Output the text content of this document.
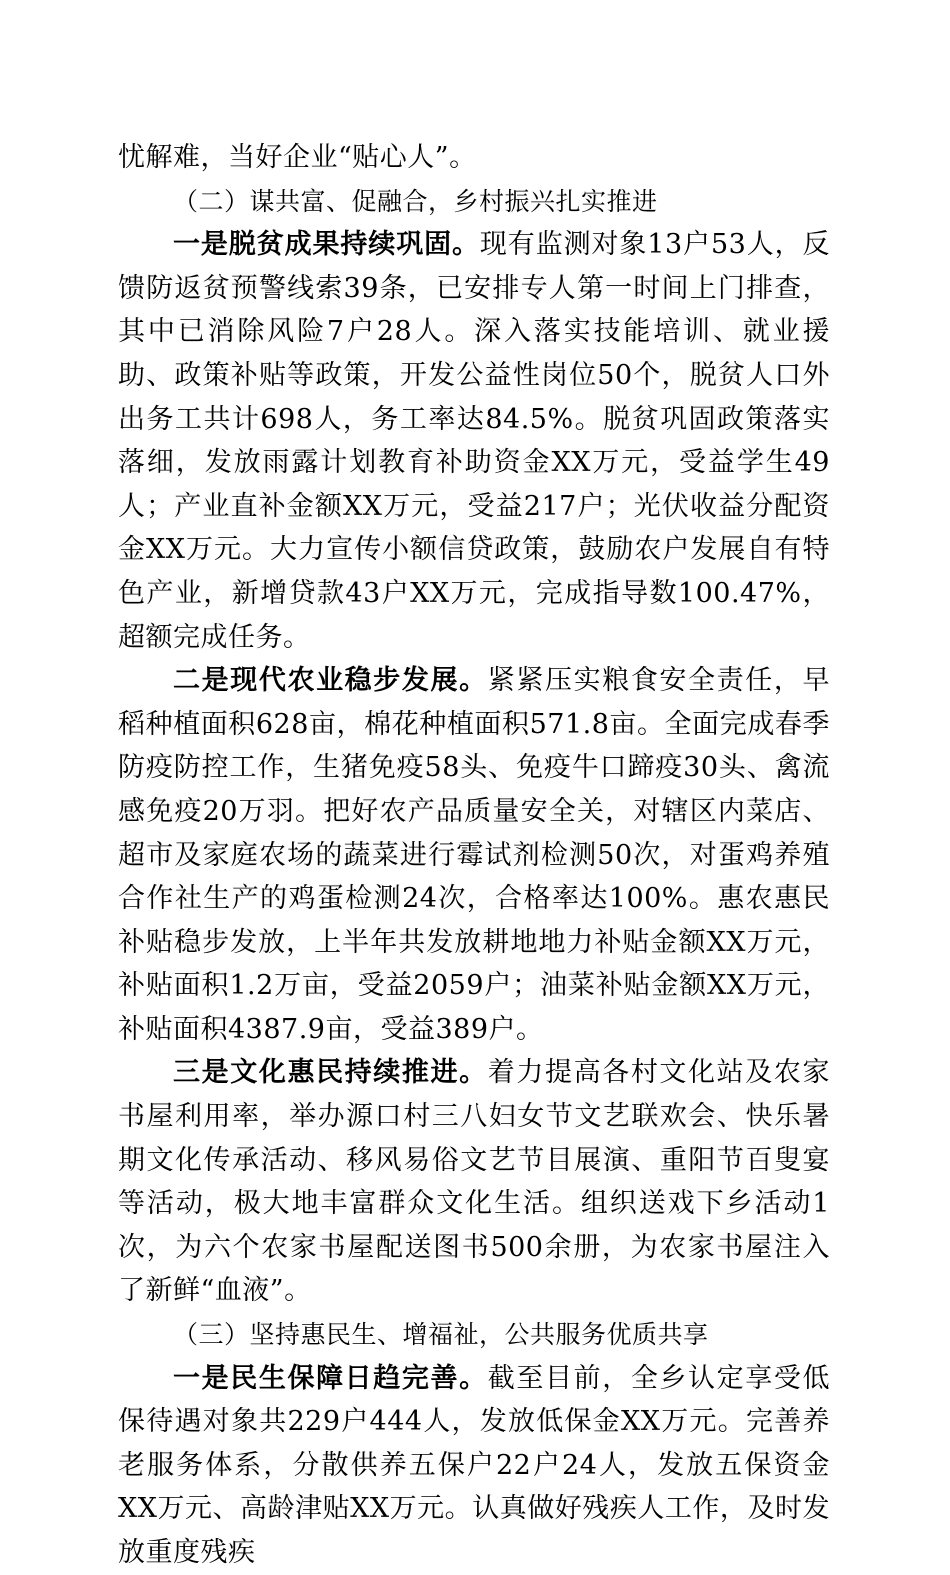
忧解难，当好企业“贴心人”。

（二）谋共富、促融合，乡村振兴扎实推进

一是脱贫成果持续巩固。现有监测对象13户53人，反馈防返贫预警线索39条，已安排专人第一时间上门排查，其中已消除风险7户28人。深入落实技能培训、就业援助、政策补贴等政策，开发公益性岗位50个，脱贫人口外出务工共计698人，务工率达84.5%。脱贫巩固政策落实落细，发放雨露计划教育补助资金XX万元，受益学生49人；产业直补金额XX万元，受益217户；光伏收益分配资金XX万元。大力宣传小额信贷政策，鼓励农户发展自有特色产业，新增贷款43户XX万元，完成指导数100.47%，超额完成任务。

二是现代农业稳步发展。紧紧压实粮食安全责任，早稻种植面积628亩，棉花种植面积571.8亩。全面完成春季防疫防控工作，生猪免疫58头、免疫牛口蹄疫30头、禽流感免疫20万羽。把好农产品质量安全关，对辖区内菜店、超市及家庭农场的蔬菜进行霉试剂检测50次，对蛋鸡养殖合作社生产的鸡蛋检测24次，合格率达100%。惠农惠民补贴稳步发放，上半年共发放耕地地力补贴金额XX万元，补贴面积1.2万亩，受益2059户；油菜补贴金额XX万元，补贴面积4387.9亩，受益389户。

三是文化惠民持续推进。着力提高各村文化站及农家书屋利用率，举办源口村三八妇女节文艺联欢会、快乐暑期文化传承活动、移风易俗文艺节目展演、重阳节百叟宴等活动，极大地丰富群众文化生活。组织送戏下乡活动1次，为六个农家书屋配送图书500余册，为农家书屋注入了新鲜“血液”。

（三）坚持惠民生、增福祉，公共服务优质共享

一是民生保障日趋完善。截至目前，全乡认定享受低保待遇对象共229户444人，发放低保金XX万元。完善养老服务体系，分散供养五保户22户24人，发放五保资金XX万元、高龄津贴XX万元。认真做好残疾人工作，及时发放重度残疾
